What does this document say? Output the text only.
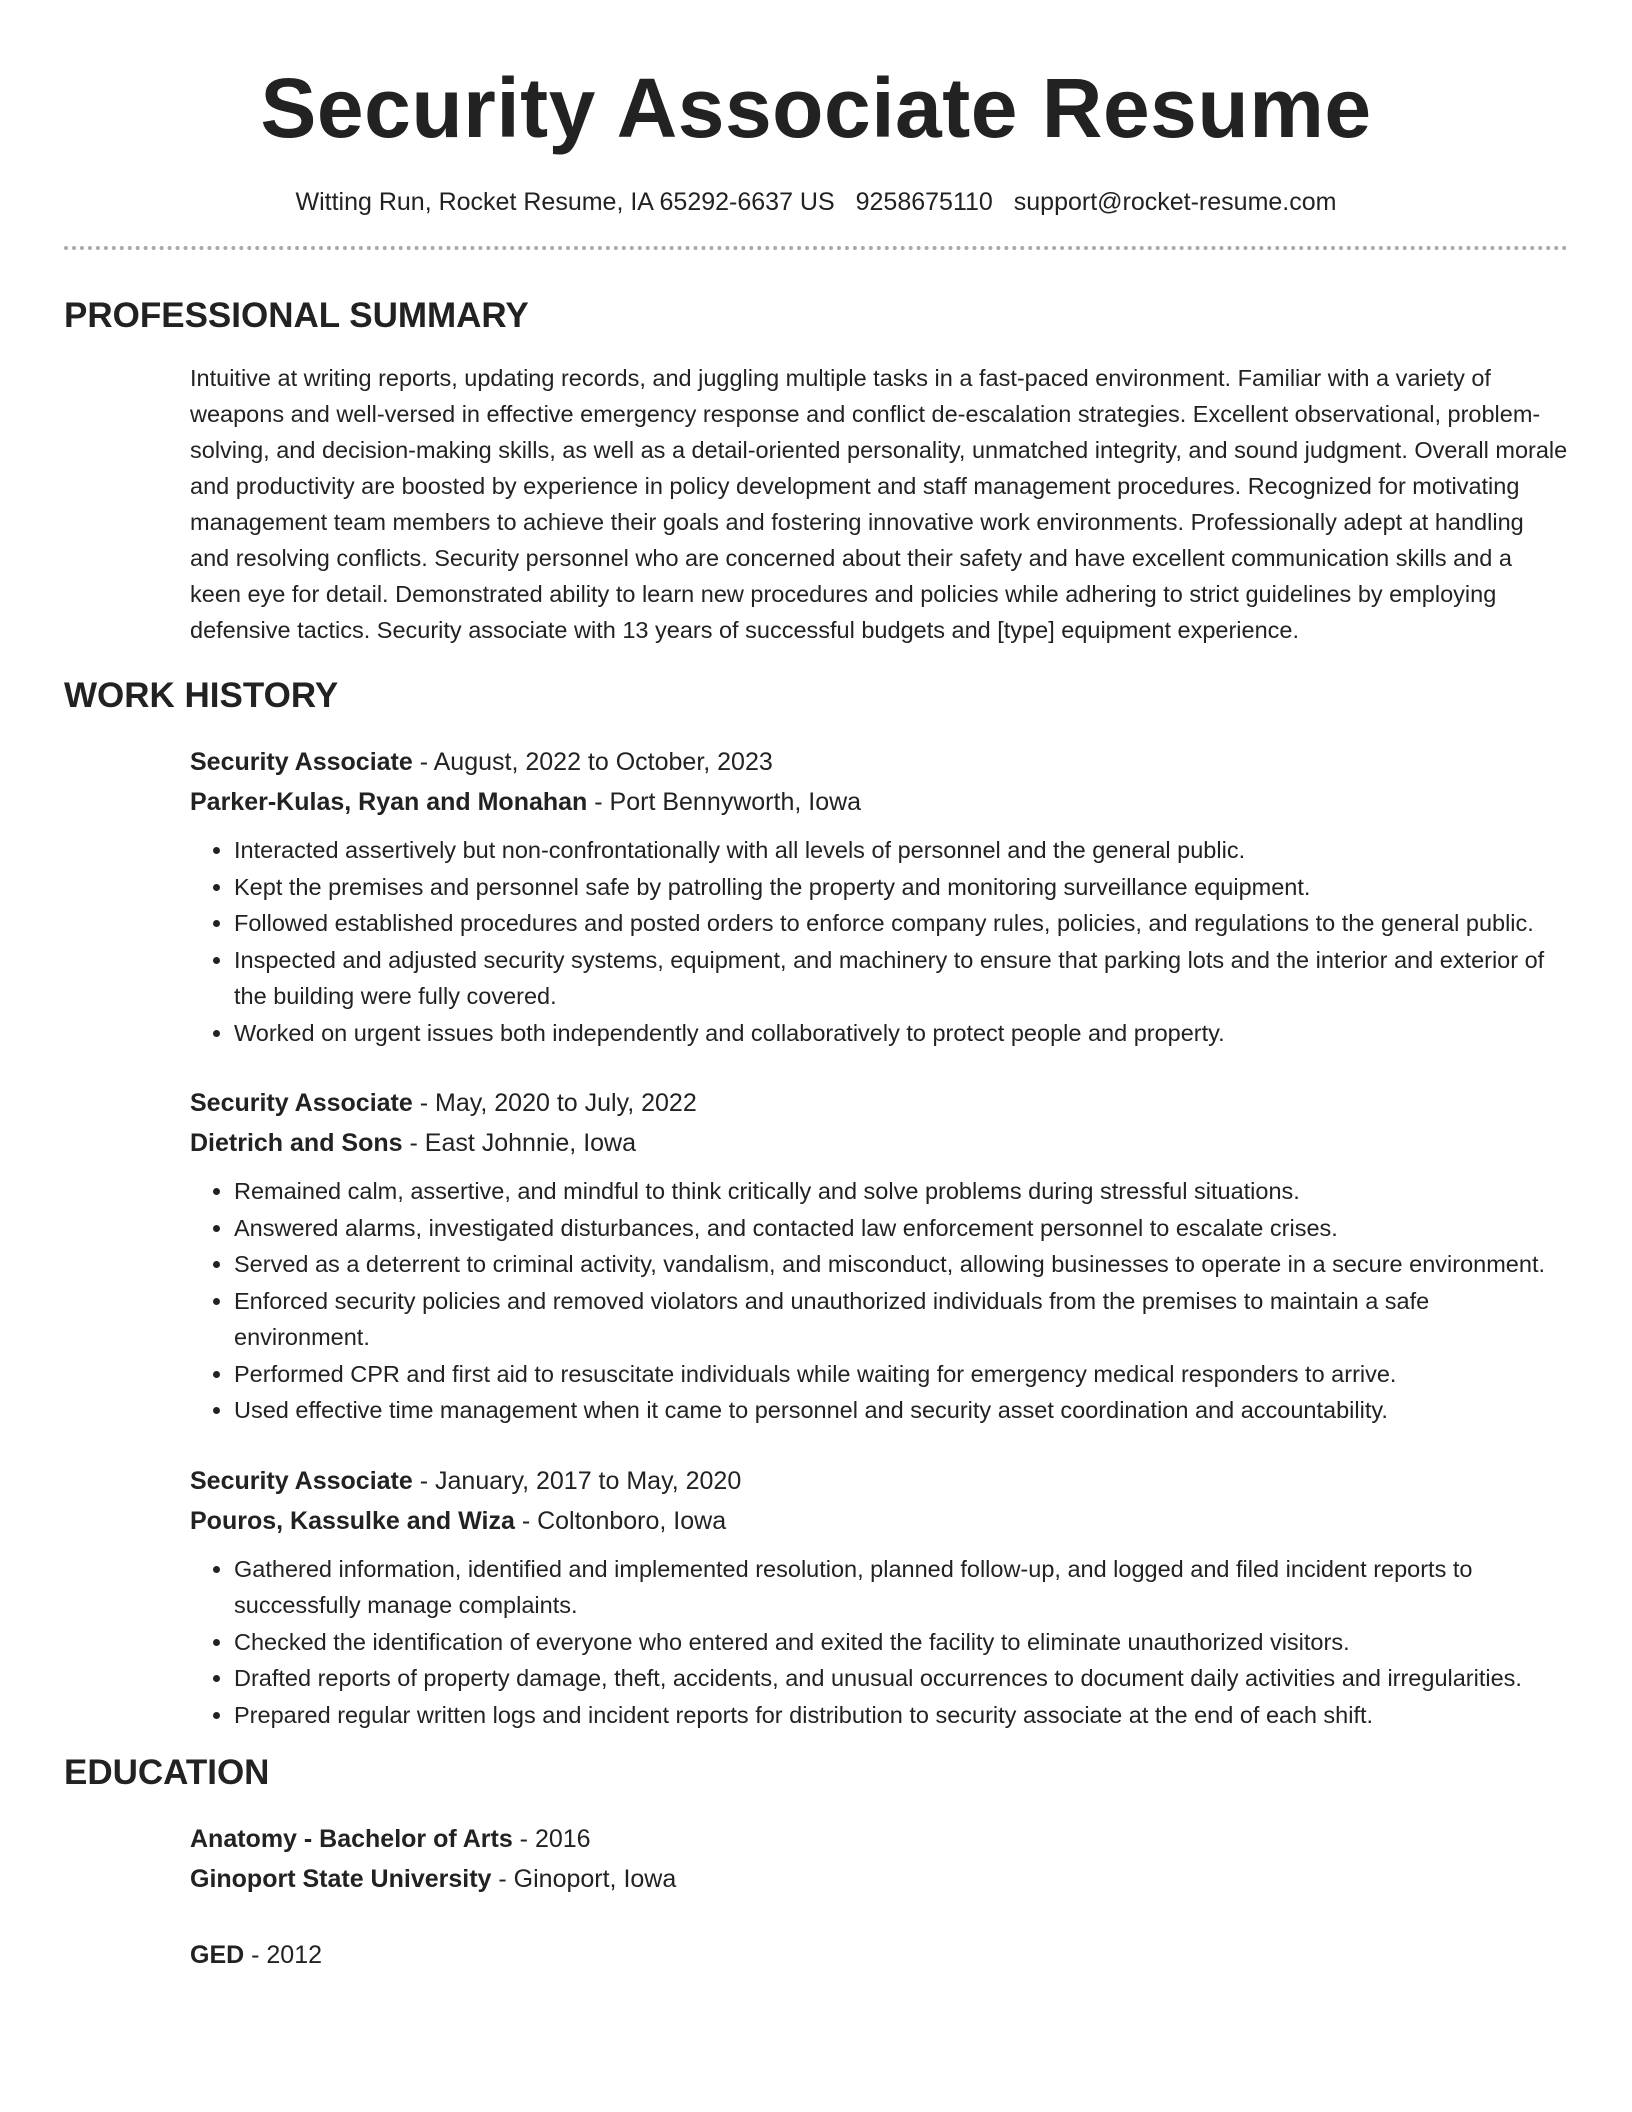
Security Associate Resume
Witting Run, Rocket Resume, IA 65292-6637 US 9258675110 support@rocket-resume.com
PROFESSIONAL SUMMARY
Intuitive at writing reports, updating records, and juggling multiple tasks in a fast-paced environment. Familiar with a variety of weapons and well-versed in effective emergency response and conflict de-escalation strategies. Excellent observational, problem-solving, and decision-making skills, as well as a detail-oriented personality, unmatched integrity, and sound judgment. Overall morale and productivity are boosted by experience in policy development and staff management procedures. Recognized for motivating management team members to achieve their goals and fostering innovative work environments. Professionally adept at handling and resolving conflicts. Security personnel who are concerned about their safety and have excellent communication skills and a keen eye for detail. Demonstrated ability to learn new procedures and policies while adhering to strict guidelines by employing defensive tactics. Security associate with 13 years of successful budgets and [type] equipment experience.
WORK HISTORY
Security Associate - August, 2022 to October, 2023
Parker-Kulas, Ryan and Monahan - Port Bennyworth, Iowa
• Interacted assertively but non-confrontationally with all levels of personnel and the general public.
• Kept the premises and personnel safe by patrolling the property and monitoring surveillance equipment.
• Followed established procedures and posted orders to enforce company rules, policies, and regulations to the general public.
• Inspected and adjusted security systems, equipment, and machinery to ensure that parking lots and the interior and exterior of the building were fully covered.
• Worked on urgent issues both independently and collaboratively to protect people and property.
Security Associate - May, 2020 to July, 2022
Dietrich and Sons - East Johnnie, Iowa
• Remained calm, assertive, and mindful to think critically and solve problems during stressful situations.
• Answered alarms, investigated disturbances, and contacted law enforcement personnel to escalate crises.
• Served as a deterrent to criminal activity, vandalism, and misconduct, allowing businesses to operate in a secure environment.
• Enforced security policies and removed violators and unauthorized individuals from the premises to maintain a safe environment.
• Performed CPR and first aid to resuscitate individuals while waiting for emergency medical responders to arrive.
• Used effective time management when it came to personnel and security asset coordination and accountability.
Security Associate - January, 2017 to May, 2020
Pouros, Kassulke and Wiza - Coltonboro, Iowa
• Gathered information, identified and implemented resolution, planned follow-up, and logged and filed incident reports to successfully manage complaints.
• Checked the identification of everyone who entered and exited the facility to eliminate unauthorized visitors.
• Drafted reports of property damage, theft, accidents, and unusual occurrences to document daily activities and irregularities.
• Prepared regular written logs and incident reports for distribution to security associate at the end of each shift.
EDUCATION
Anatomy - Bachelor of Arts - 2016
Ginoport State University - Ginoport, Iowa
GED - 2012
